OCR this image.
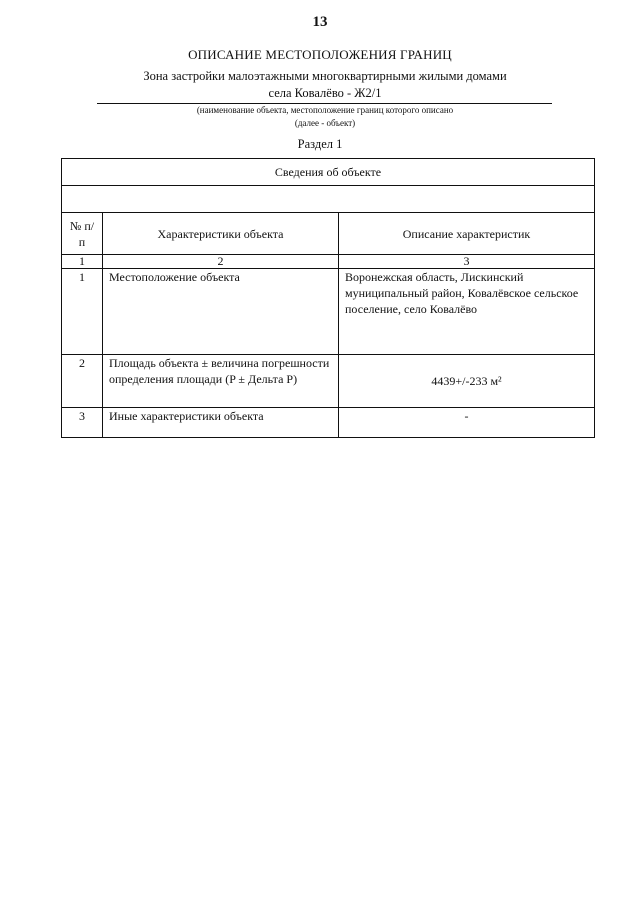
13
ОПИСАНИЕ МЕСТОПОЛОЖЕНИЯ ГРАНИЦ
Зона застройки малоэтажными многоквартирными жилыми домами
села Ковалёво - Ж2/1
(наименование объекта, местоположение границ которого описано
(далее - объект)
Раздел 1
Сведения об объекте		

№ п/п	Характеристики объекта	Описание характеристик
1	2	3
1	Местоположение объекта	Воронежская область, Лискинский муниципальный район, Ковалёвское сельское поселение, село Ковалёво
2	Площадь объекта ± величина погрешности определения площади (P ± Дельта P)	4439+/-233 м²
3	Иные характеристики объекта	-
